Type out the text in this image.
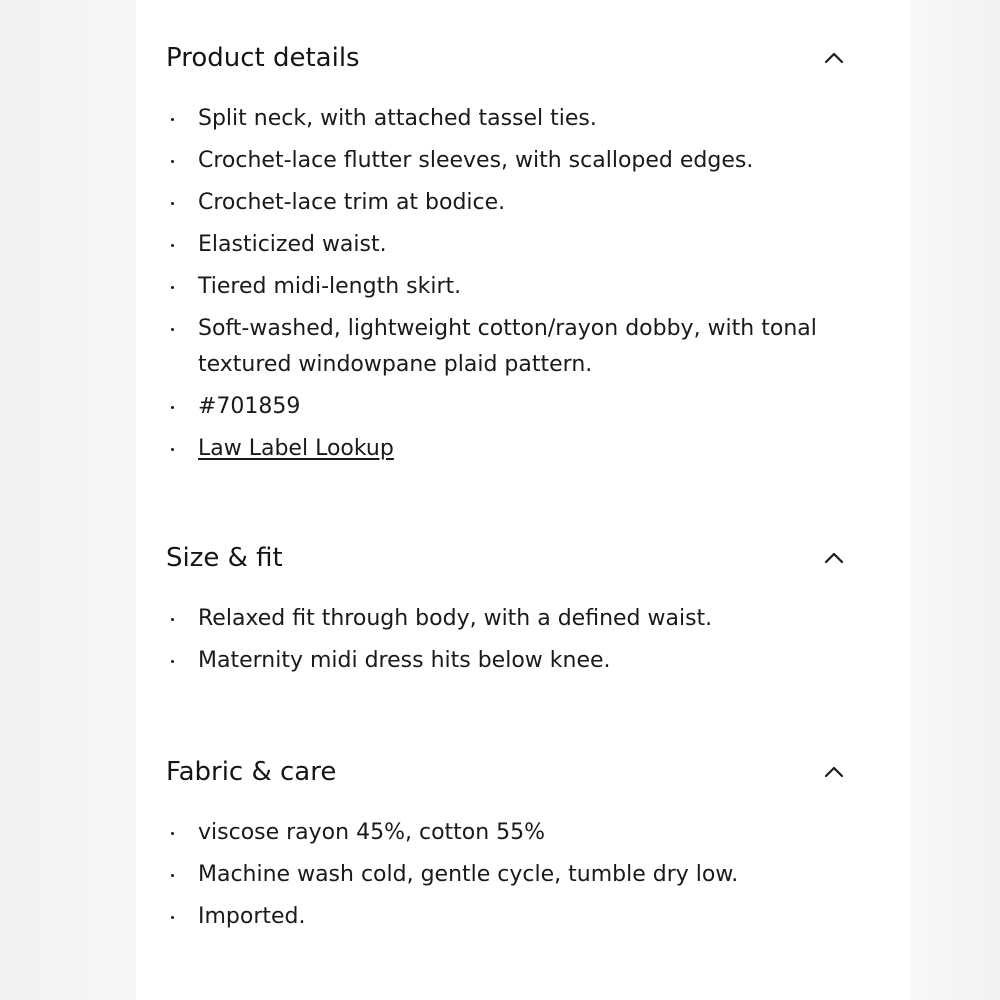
Product details
Split neck, with attached tassel ties.
Crochet-lace flutter sleeves, with scalloped edges.
Crochet-lace trim at bodice.
Elasticized waist.
Tiered midi-length skirt.
Soft-washed, lightweight cotton/rayon dobby, with tonal textured windowpane plaid pattern.
#701859
Law Label Lookup
Size & fit
Relaxed fit through body, with a defined waist.
Maternity midi dress hits below knee.
Fabric & care
viscose rayon 45%, cotton 55%
Machine wash cold, gentle cycle, tumble dry low.
Imported.
